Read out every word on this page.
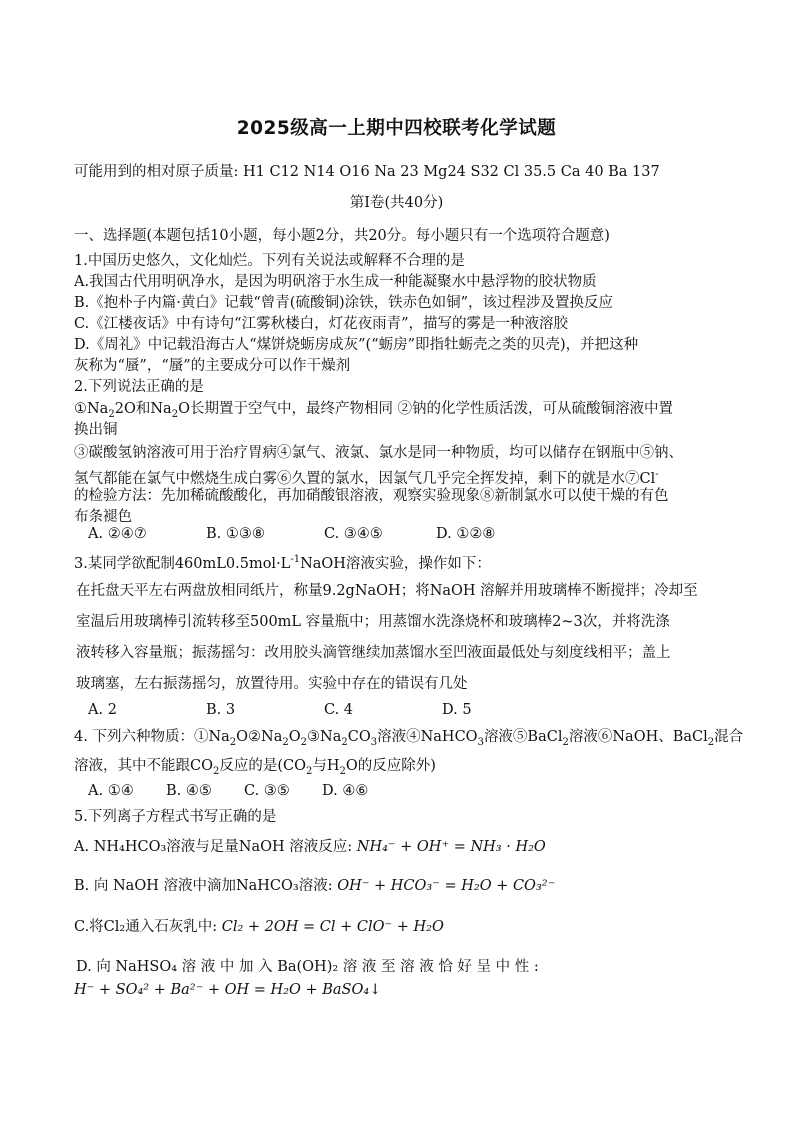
2025级高一上期中四校联考化学试题
可能用到的相对原子质量: H1 C12 N14 O16 Na 23 Mg24 S32 Cl 35.5 Ca 40 Ba 137
第Ⅰ卷(共40分)
一、选择题(本题包括10小题，每小题2分，共20分。每小题只有一个选项符合题意)
1.中国历史悠久，文化灿烂。下列有关说法或解释不合理的是
A.我国古代用明矾净水，是因为明矾溶于水生成一种能凝聚水中悬浮物的胶状物质
B.《抱朴子内篇·黄白》记载“曾青(硫酸铜)涂铁，铁赤色如铜”，该过程涉及置换反应
C.《江楼夜话》中有诗句“江雾秋楼白，灯花夜雨青”，描写的雾是一种液溶胶
D.《周礼》中记载沿海古人“煤饼烧蛎房成灰”(“蛎房”即指牡蛎壳之类的贝壳)，并把这种
灰称为“蜃”，“蜃”的主要成分可以作干燥剂
2.下列说法正确的是
$①Na_22O$和$Na_2O$长期置于空气中，最终产物相同 ②钠的化学性质活泼，可从硫酸铜溶液中置
换出铜
③碳酸氢钠溶液可用于治疗胃病④氯气、液氯、氯水是同一种物质，均可以储存在钢瓶中⑤钠、
氢气都能在氯气中燃烧生成白雾⑥久置的氯水，因氯气几乎完全挥发掉，剩下的就是水⑦Cl-
的检验方法：先加稀硫酸酸化，再加硝酸银溶液，观察实验现象⑧新制氯水可以使干燥的有色
布条褪色
A. ②④⑦	B. ①③⑧	C. ③④⑤	D. ①②⑧
3.某同学欲配制$460mL0.5mol\cdot L^{-1}NaOH$溶液实验，操作如下：
在托盘天平左右两盘放相同纸片，称量9.2gNaOH；将NaOH 溶解并用玻璃棒不断搅拌；冷却至
室温后用玻璃棒引流转移至500mL 容量瓶中；用蒸馏水洗涤烧杯和玻璃棒2~3次，并将洗涤
液转移入容量瓶；振荡摇匀：改用胶头滴管继续加蒸馏水至凹液面最低处与刻度线相平；盖上
玻璃塞，左右振荡摇匀，放置待用。实验中存在的错误有几处
A. 2	B. 3	C. 4	D. 5
4. 下列六种物质：$①Na_2O②Na_2O_2③Na_2CO_3$溶液④NaHCO$_3$溶液⑤BaCl$_2$溶液⑥NaOH、BaCl$_2$混合
溶液，其中不能跟$CO_2$反应的是($CO_2$与$H_2O$的反应除外)
A. ①④ B. ④⑤ C. ③⑤ D. ④⑥
5.下列离子方程式书写正确的是
A. NH₄HCO₃溶液与足量NaOH 溶液反应: NH₄⁻ + OH⁺ = NH₃ · H₂O
B. 向 NaOH 溶液中滴加NaHCO₃溶液: OH⁻ + HCO₃⁻ = H₂O + CO₃²⁻
C.将Cl₂通入石灰乳中: Cl₂ + 2OH = Cl + ClO⁻ + H₂O
D. 向 NaHSO₄ 溶 液 中 加 入 Ba(OH)₂ 溶 液 至 溶 液 恰 好 呈 中 性 :
H⁻ + SO₄² + Ba²⁻ + OH = H₂O + BaSO₄↓
